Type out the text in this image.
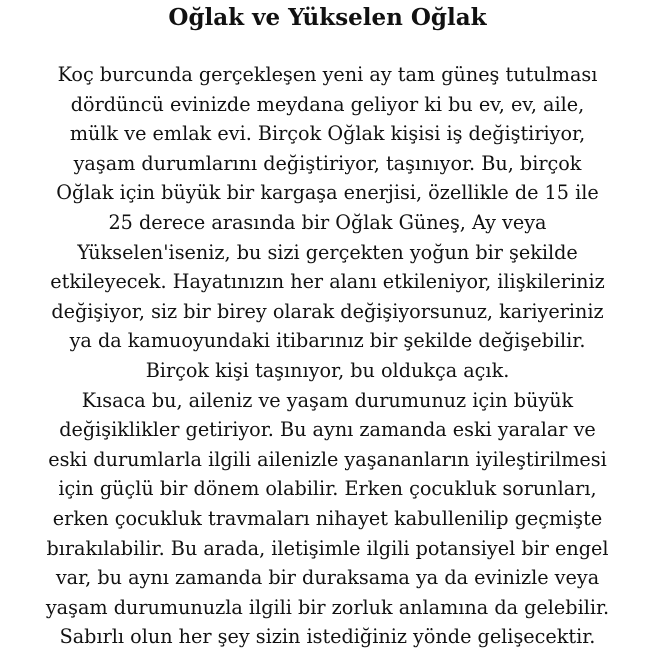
Oğlak ve Yükselen Oğlak
Koç burcunda gerçekleşen yeni ay tam güneş tutulması
dördüncü evinizde meydana geliyor ki bu ev, ev, aile,
mülk ve emlak evi. Birçok Oğlak kişisi iş değiştiriyor,
yaşam durumlarını değiştiriyor, taşınıyor. Bu, birçok
Oğlak için büyük bir kargaşa enerjisi, özellikle de 15 ile
25 derece arasında bir Oğlak Güneş, Ay veya
Yükselen'iseniz, bu sizi gerçekten yoğun bir şekilde
etkileyecek. Hayatınızın her alanı etkileniyor, ilişkileriniz
değişiyor, siz bir birey olarak değişiyorsunuz, kariyeriniz
ya da kamuoyundaki itibarınız bir şekilde değişebilir.
Birçok kişi taşınıyor, bu oldukça açık.
Kısaca bu, aileniz ve yaşam durumunuz için büyük
değişiklikler getiriyor. Bu aynı zamanda eski yaralar ve
eski durumlarla ilgili ailenizle yaşananların iyileştirilmesi
için güçlü bir dönem olabilir. Erken çocukluk sorunları,
erken çocukluk travmaları nihayet kabullenilip geçmişte
bırakılabilir. Bu arada, iletişimle ilgili potansiyel bir engel
var, bu aynı zamanda bir duraksama ya da evinizle veya
yaşam durumunuzla ilgili bir zorluk anlamına da gelebilir.
Sabırlı olun her şey sizin istediğiniz yönde gelişecektir.
